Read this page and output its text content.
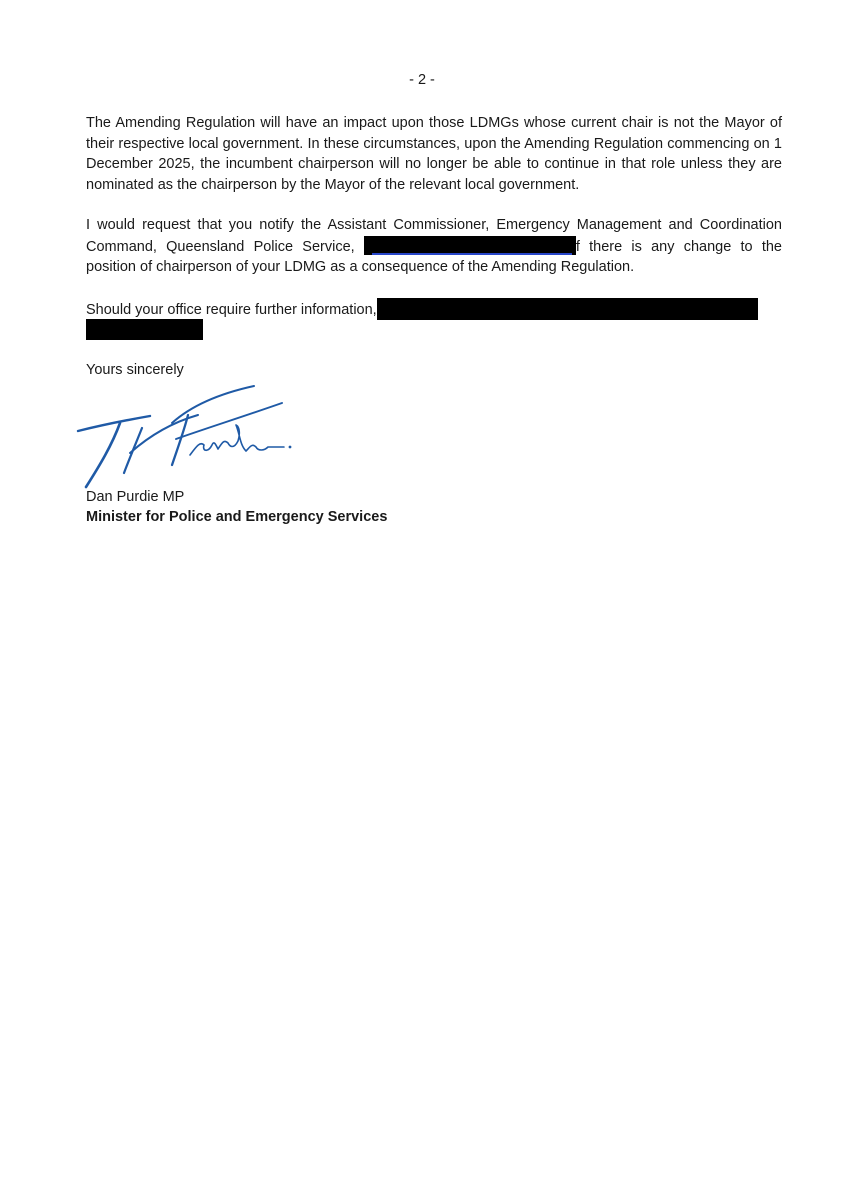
- 2 -

The Amending Regulation will have an impact upon those LDMGs whose current chair is not the Mayor of their respective local government. In these circumstances, upon the Amending Regulation commencing on 1 December 2025, the incumbent chairperson will no longer be able to continue in that role unless they are nominated as the chairperson by the Mayor of the relevant local government.

I would request that you notify the Assistant Commissioner, Emergency Management and Coordination Command, Queensland Police Service,	f there is any change to the position of chairperson of your LDMG as a consequence of the Amending Regulation.

Should your office require further information,

Yours sincerely

Dan Purdie MP

Minister for Police and Emergency Services
